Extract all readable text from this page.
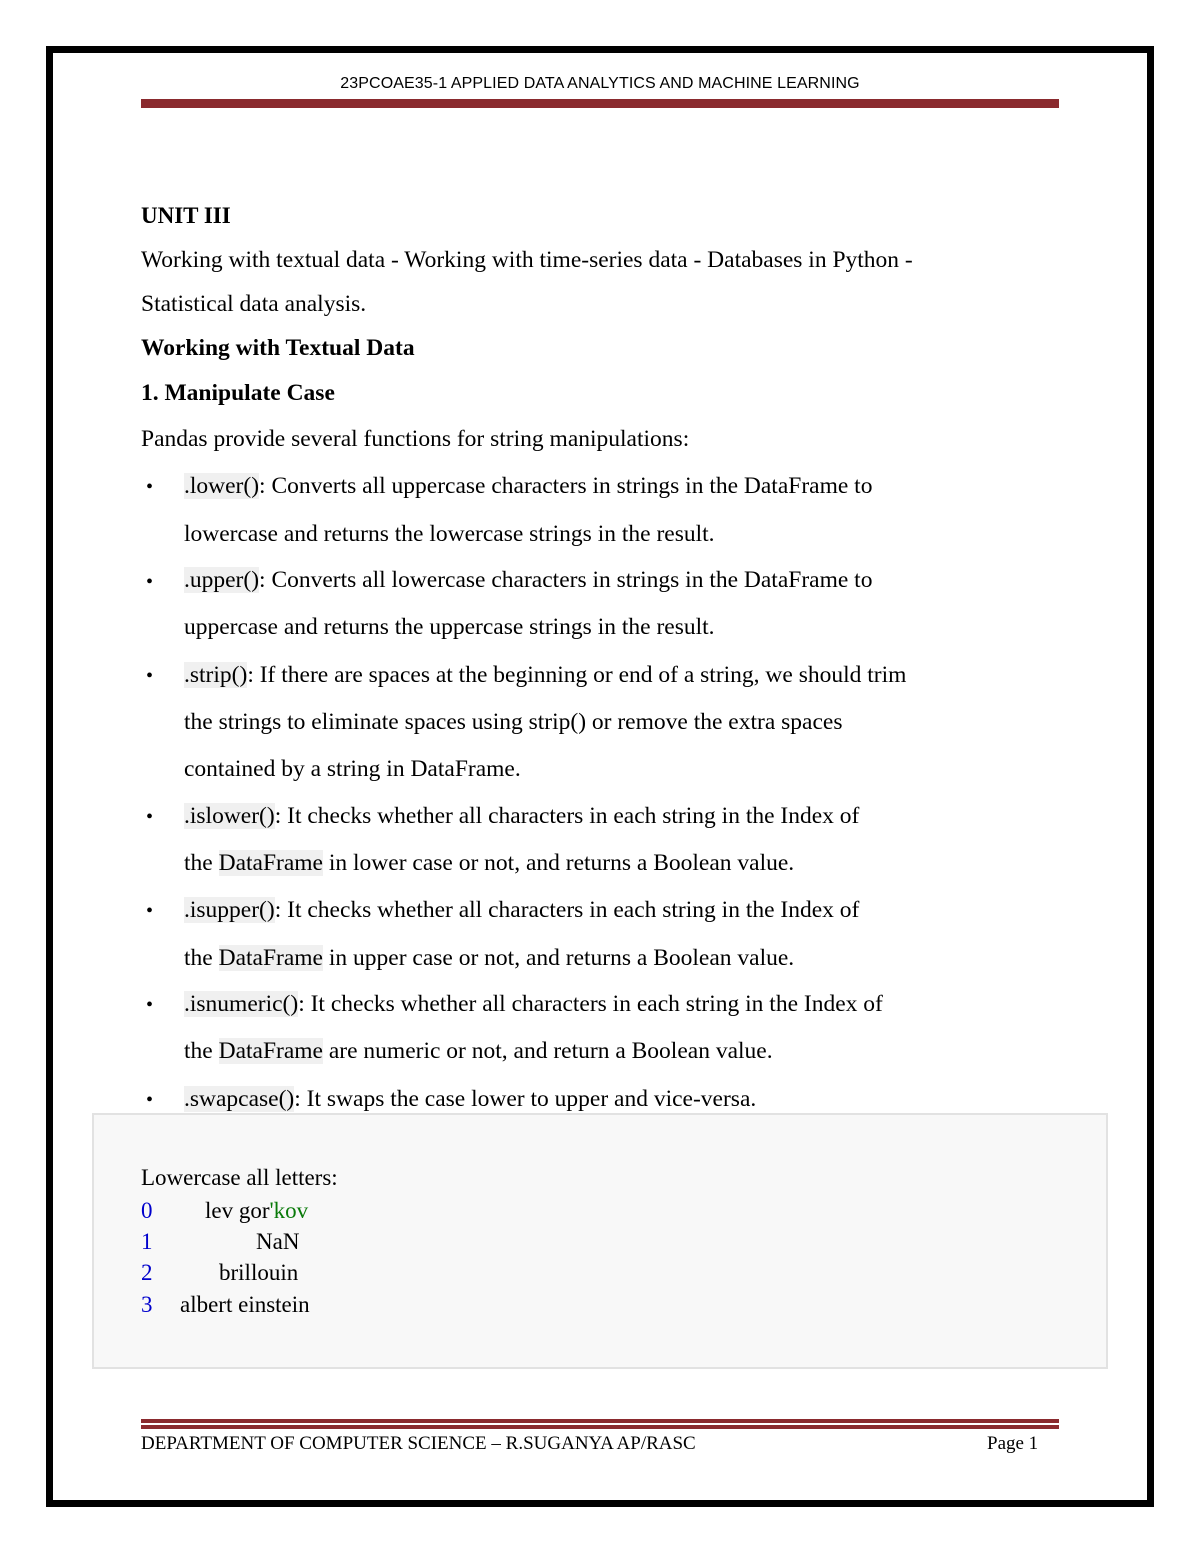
23PCOAE35-1 APPLIED DATA ANALYTICS AND MACHINE LEARNING
UNIT III
Working with textual data - Working with time-series data - Databases in Python -
Statistical data analysis.
Working with Textual Data
1. Manipulate Case
Pandas provide several functions for string manipulations:
• .lower(): Converts all uppercase characters in strings in the DataFrame to
lowercase and returns the lowercase strings in the result.
• .upper(): Converts all lowercase characters in strings in the DataFrame to
uppercase and returns the uppercase strings in the result.
• .strip(): If there are spaces at the beginning or end of a string, we should trim
the strings to eliminate spaces using strip() or remove the extra spaces
contained by a string in DataFrame.
• .islower(): It checks whether all characters in each string in the Index of
the DataFrame in lower case or not, and returns a Boolean value.
• .isupper(): It checks whether all characters in each string in the Index of
the DataFrame in upper case or not, and returns a Boolean value.
• .isnumeric(): It checks whether all characters in each string in the Index of
the DataFrame are numeric or not, and return a Boolean value.
• .swapcase(): It swaps the case lower to upper and vice-versa.
Lowercase all letters:
0 lev gor'kov
1	NaN
2	brillouin
3 albert einstein
DEPARTMENT OF COMPUTER SCIENCE – R.SUGANYA AP/RASC	Page 1
